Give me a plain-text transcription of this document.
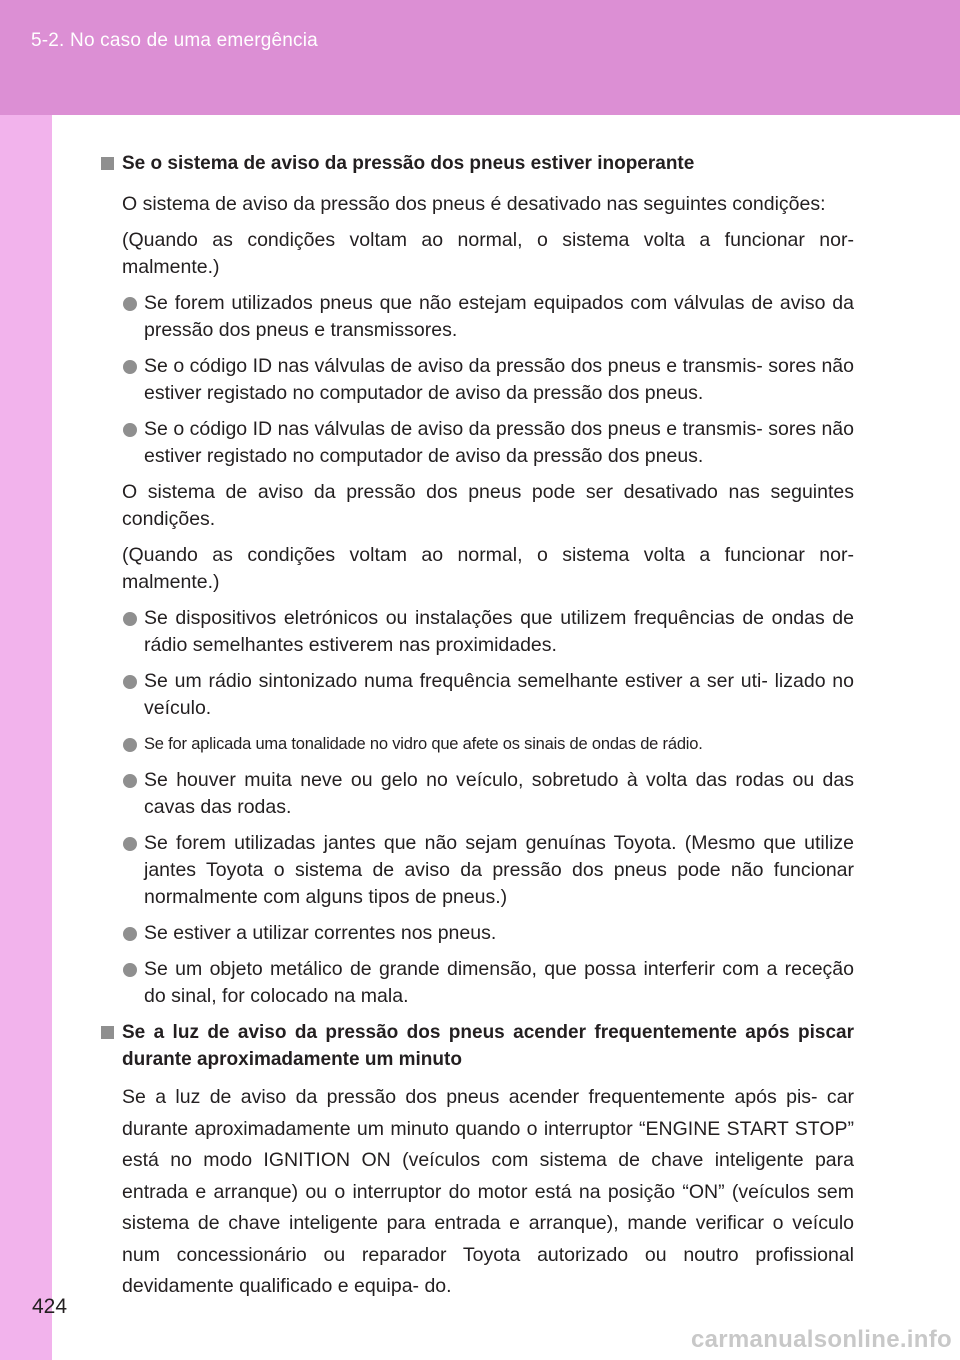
5-2. No caso de uma emergência
Se o sistema de aviso da pressão dos pneus estiver inoperante
O sistema de aviso da pressão dos pneus é desativado nas seguintes condições:
(Quando as condições voltam ao normal, o sistema volta a funcionar nor- malmente.)
Se forem utilizados pneus que não estejam equipados com válvulas de aviso da pressão dos pneus e transmissores.
Se o código ID nas válvulas de aviso da pressão dos pneus e transmis- sores não estiver registado no computador de aviso da pressão dos pneus.
Se o código ID nas válvulas de aviso da pressão dos pneus e transmis- sores não estiver registado no computador de aviso da pressão dos pneus.
O sistema de aviso da pressão dos pneus pode ser desativado nas seguintes condições.
(Quando as condições voltam ao normal, o sistema volta a funcionar nor- malmente.)
Se dispositivos eletrónicos ou instalações que utilizem frequências de ondas de rádio semelhantes estiverem nas proximidades.
Se um rádio sintonizado numa frequência semelhante estiver a ser uti- lizado no veículo.
Se for aplicada uma tonalidade no vidro que afete os sinais de ondas de rádio.
Se houver muita neve ou gelo no veículo, sobretudo à volta das rodas ou das cavas das rodas.
Se forem utilizadas jantes que não sejam genuínas Toyota. (Mesmo que utilize jantes Toyota o sistema de aviso da pressão dos pneus pode não funcionar normalmente com alguns tipos de pneus.)
Se estiver a utilizar correntes nos pneus.
Se um objeto metálico de grande dimensão, que possa interferir com a receção do sinal, for colocado na mala.
Se a luz de aviso da pressão dos pneus acender frequentemente após piscar durante aproximadamente um minuto
Se a luz de aviso da pressão dos pneus acender frequentemente após pis- car durante aproximadamente um minuto quando o interruptor “ENGINE START STOP” está no modo IGNITION ON (veículos com sistema de chave inteligente para entrada e arranque) ou o interruptor do motor está na posição “ON” (veículos sem sistema de chave inteligente para entrada e arranque), mande verificar o veículo num concessionário ou reparador Toyota autorizado ou noutro profissional devidamente qualificado e equipa- do.
424
carmanualsonline.info
